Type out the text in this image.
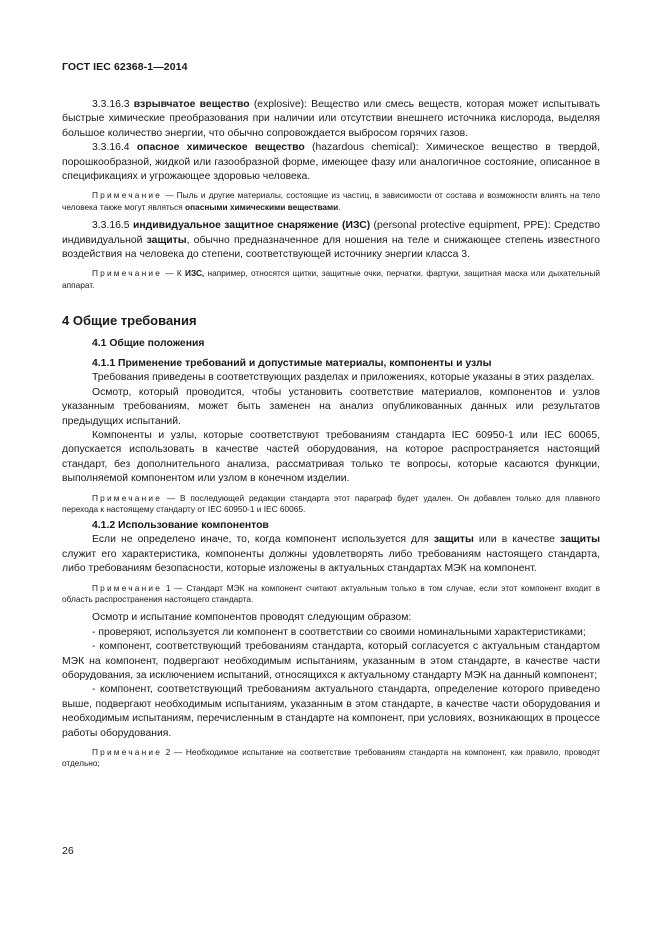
ГОСТ IEC 62368-1—2014

3.3.16.3 взрывчатое вещество (explosive): Вещество или смесь веществ, которая может испытывать быстрые химические преобразования при наличии или отсутствии внешнего источника кислорода, выделяя большое количество энергии, что обычно сопровождается выбросом горячих газов.

3.3.16.4 опасное химическое вещество (hazardous chemical): Химическое вещество в твердой, порошкообразной, жидкой или газообразной форме, имеющее фазу или аналогичное состояние, описанное в спецификациях и угрожающее здоровью человека.

Примечание — Пыль и другие материалы, состоящие из частиц, в зависимости от состава и возможности влиять на тело человека также могут являться опасными химическими веществами.

3.3.16.5 индивидуальное защитное снаряжение (ИЗС) (personal protective equipment, PPE): Средство индивидуальной защиты, обычно предназначенное для ношения на теле и снижающее степень известного воздействия на человека до степени, соответствующей источнику энергии класса 3.

Примечание — К ИЗС, например, относятся щитки, защитные очки, перчатки, фартуки, защитная маска или дыхательный аппарат.

4 Общие требования
4.1 Общие положения
4.1.1 Применение требований и допустимые материалы, компоненты и узлы

Требования приведены в соответствующих разделах и приложениях, которые указаны в этих разделах.

Осмотр, который проводится, чтобы установить соответствие материалов, компонентов и узлов указанным требованиям, может быть заменен на анализ опубликованных данных или результатов предыдущих испытаний.

Компоненты и узлы, которые соответствуют требованиям стандарта IEC 60950-1 или IEC 60065, допускается использовать в качестве частей оборудования, на которое распространяется настоящий стандарт, без дополнительного анализа, рассматривая только те вопросы, которые касаются функции, выполняемой компонентом или узлом в конечном изделии.

Примечание — В последующей редакции стандарта этот параграф будет удален. Он добавлен только для плавного перехода к настоящему стандарту от IEC 60950-1 и IEC 60065.

4.1.2 Использование компонентов

Если не определено иначе, то, когда компонент используется для защиты или в качестве защиты служит его характеристика, компоненты должны удовлетворять либо требованиям настоящего стандарта, либо требованиям безопасности, которые изложены в актуальных стандартах МЭК на компонент.

Примечание 1 — Стандарт МЭК на компонент считают актуальным только в том случае, если этот компонент входит в область распространения настоящего стандарта.

Осмотр и испытание компонентов проводят следующим образом:

- проверяют, используется ли компонент в соответствии со своими номинальными характеристиками;

- компонент, соответствующий требованиям стандарта, который согласуется с актуальным стандартом МЭК на компонент, подвергают необходимым испытаниям, указанным в этом стандарте, в качестве части оборудования, за исключением испытаний, относящихся к актуальному стандарту МЭК на данный компонент;

- компонент, соответствующий требованиям актуального стандарта, определение которого приведено выше, подвергают необходимым испытаниям, указанным в этом стандарте, в качестве части оборудования и необходимым испытаниям, перечисленным в стандарте на компонент, при условиях, возникающих в процессе работы оборудования.

Примечание 2 — Необходимое испытание на соответствие требованиям стандарта на компонент, как правило, проводят отдельно;

26
